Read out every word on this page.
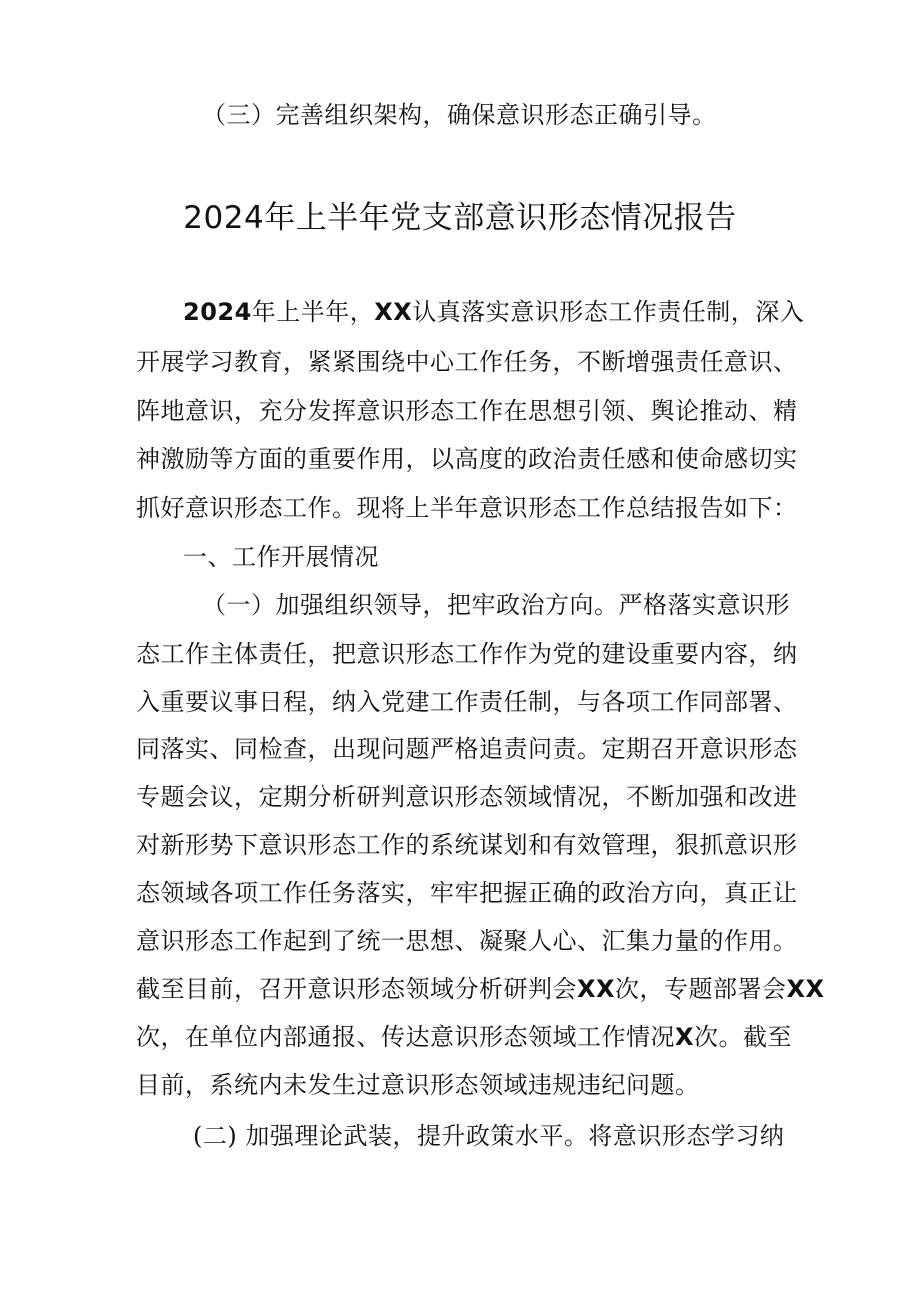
（三）完善组织架构，确保意识形态正确引导。
2024年上半年党支部意识形态情况报告
2024年上半年，XX认真落实意识形态工作责任制，深入
开展学习教育，紧紧围绕中心工作任务，不断增强责任意识、
阵地意识，充分发挥意识形态工作在思想引领、舆论推动、精
神激励等方面的重要作用，以高度的政治责任感和使命感切实
抓好意识形态工作。现将上半年意识形态工作总结报告如下：
一、工作开展情况
（一）加强组织领导，把牢政治方向。严格落实意识形
态工作主体责任，把意识形态工作作为党的建设重要内容，纳
入重要议事日程，纳入党建工作责任制，与各项工作同部署、
同落实、同检查，出现问题严格追责问责。定期召开意识形态
专题会议，定期分析研判意识形态领域情况，不断加强和改进
对新形势下意识形态工作的系统谋划和有效管理，狠抓意识形
态领域各项工作任务落实，牢牢把握正确的政治方向，真正让
意识形态工作起到了统一思想、凝聚人心、汇集力量的作用。
截至目前，召开意识形态领域分析研判会XX次，专题部署会XX
次，在单位内部通报、传达意识形态领域工作情况X次。截至
目前，系统内未发生过意识形态领域违规违纪问题。
(二) 加强理论武装，提升政策水平。将意识形态学习纳
